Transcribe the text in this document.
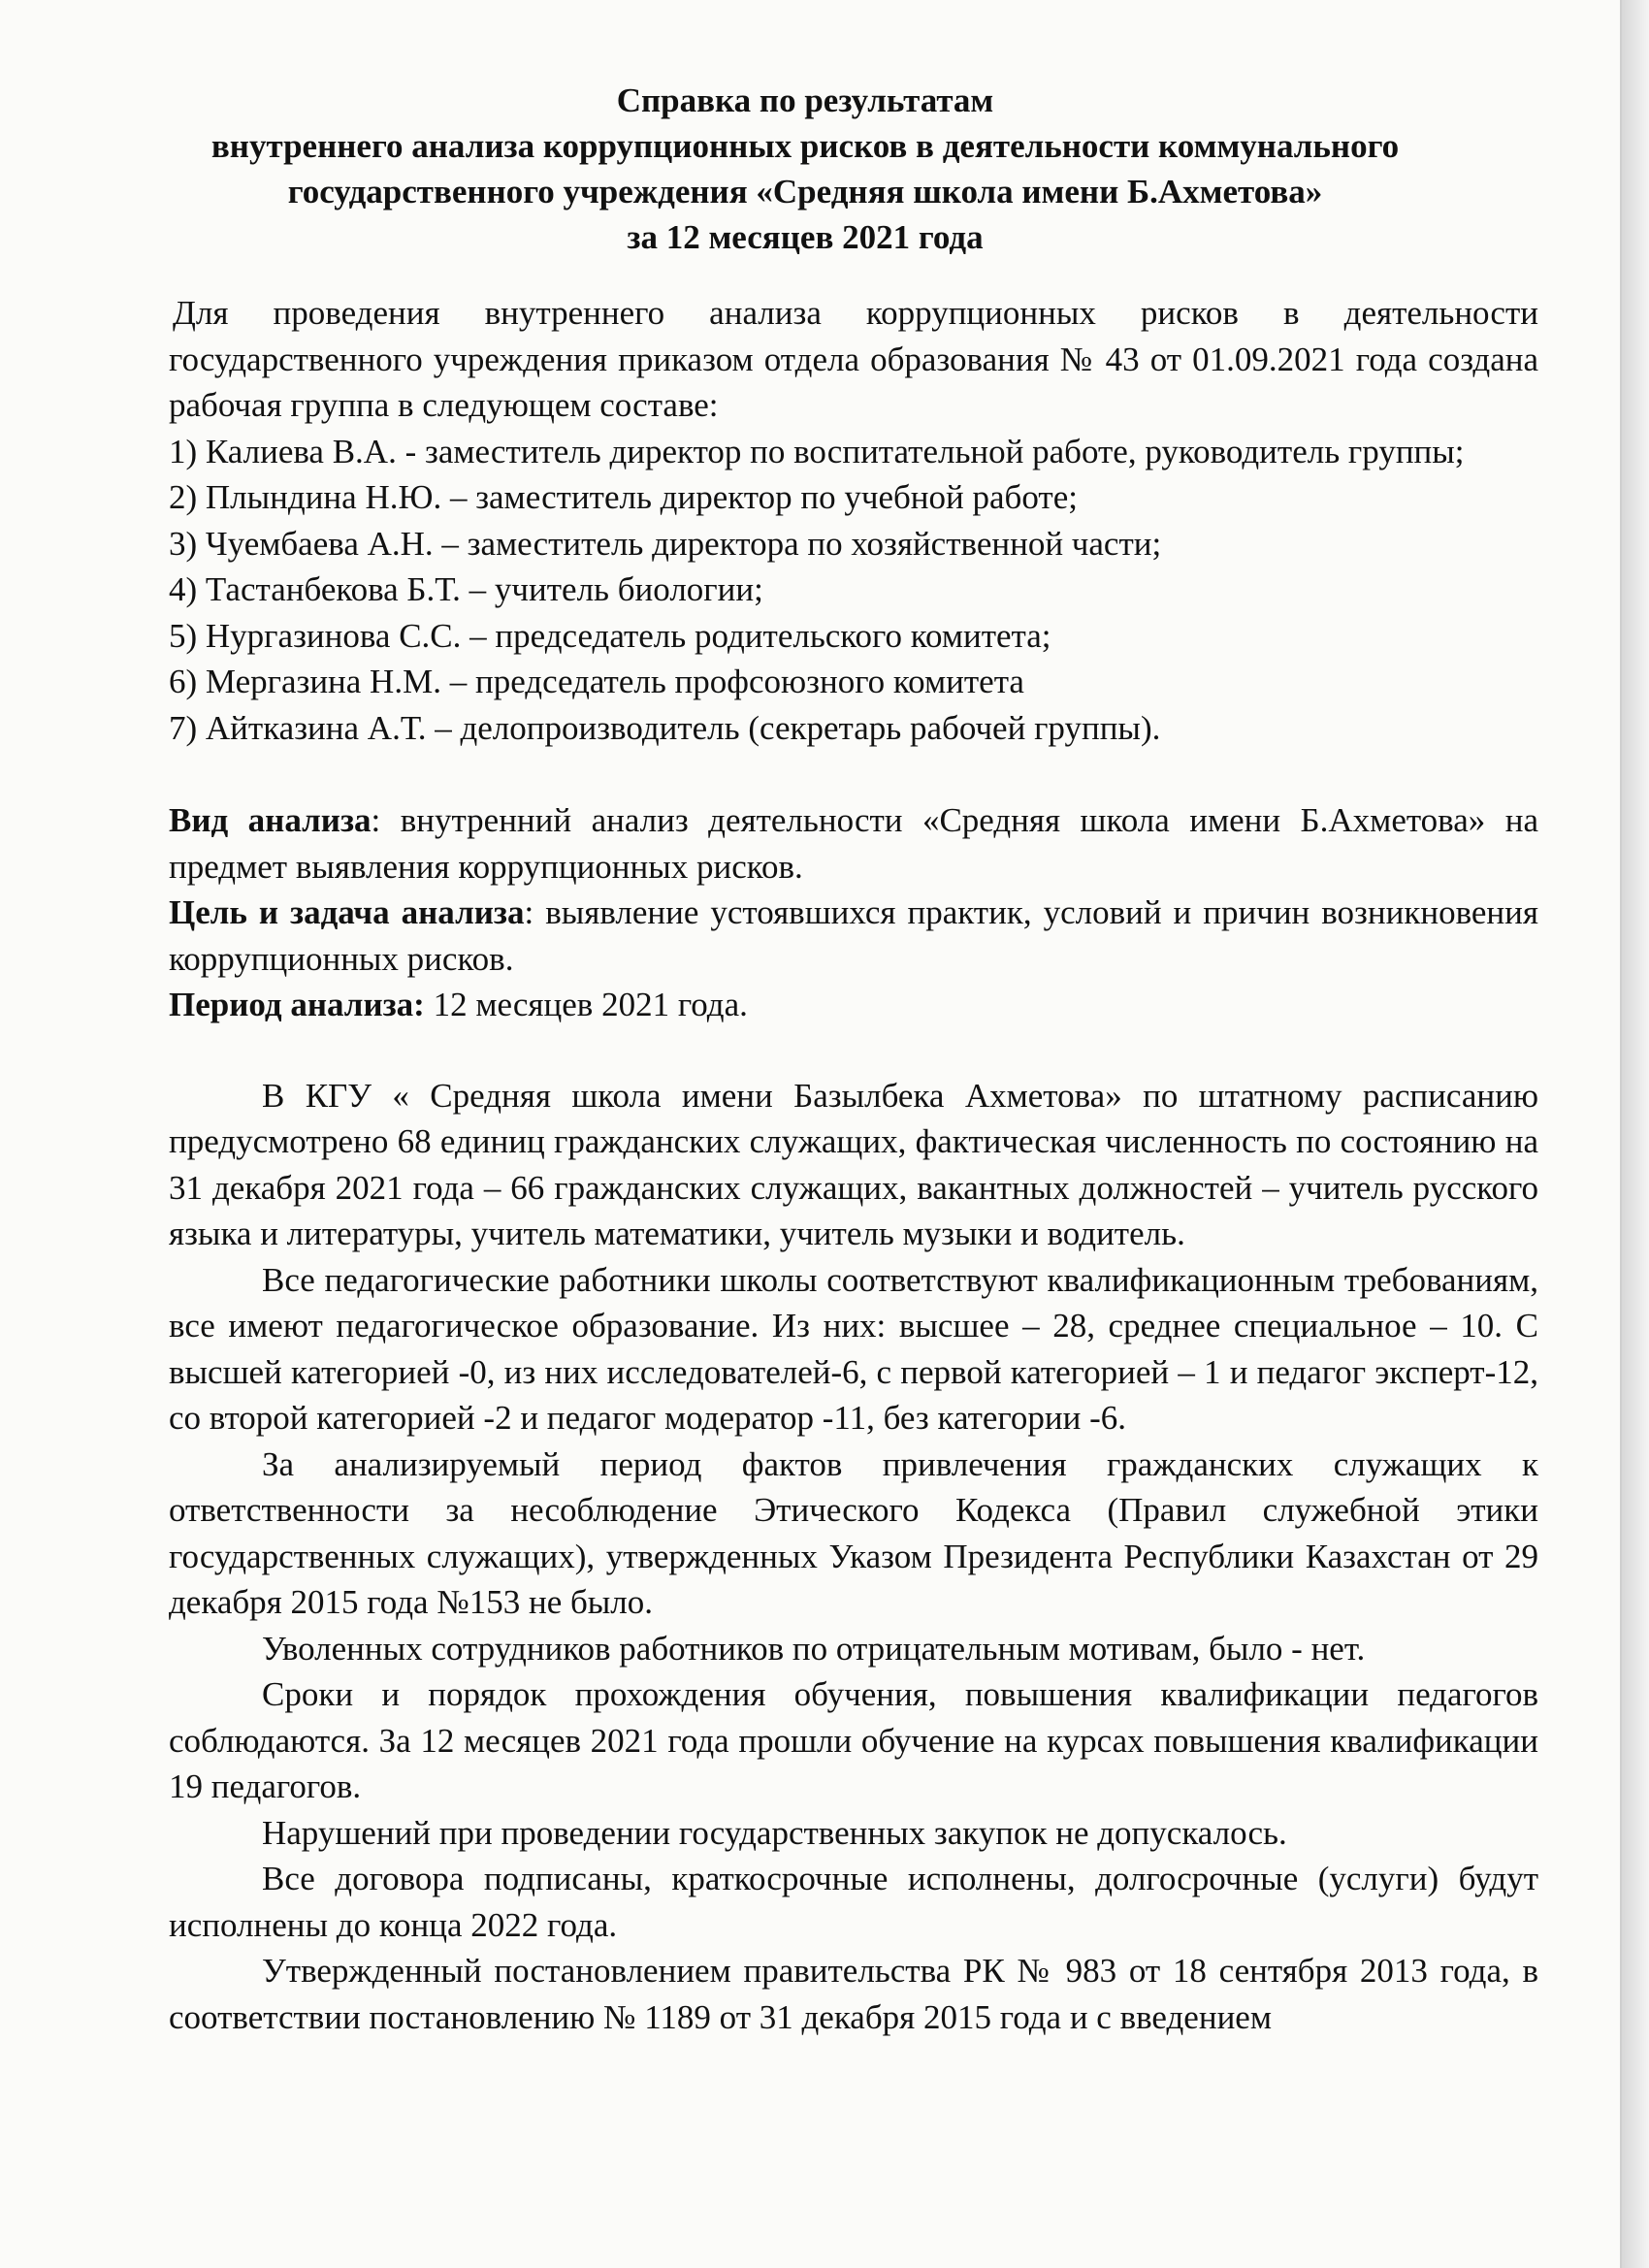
Справка по результатам
внутреннего анализа коррупционных рисков в деятельности коммунального
государственного учреждения «Средняя школа имени Б.Ахметова»
за 12 месяцев 2021 года

Для проведения внутреннего анализа коррупционных рисков в деятельности государственного учреждения приказом отдела образования № 43 от 01.09.2021 года создана рабочая группа в следующем составе:

1) Калиева В.А. - заместитель директор по воспитательной работе, руководитель группы;

2) Плындина Н.Ю. – заместитель директор по учебной работе;

3) Чуембаева А.Н. – заместитель директора по хозяйственной части;

4) Тастанбекова Б.Т. – учитель биологии;

5) Нургазинова С.С. – председатель родительского комитета;

6) Мергазина Н.М. – председатель профсоюзного комитета

7) Айтказина А.Т. – делопроизводитель (секретарь рабочей группы).

Вид анализа: внутренний анализ деятельности «Средняя школа имени Б.Ахметова» на предмет выявления коррупционных рисков.

Цель и задача анализа: выявление устоявшихся практик, условий и причин возникновения коррупционных рисков.

Период анализа: 12 месяцев 2021 года.

В КГУ « Средняя школа имени Базылбека Ахметова» по штатному расписанию предусмотрено 68 единиц гражданских служащих, фактическая численность по состоянию на 31 декабря 2021 года – 66 гражданских служащих, вакантных должностей – учитель русского языка и литературы, учитель математики, учитель музыки и водитель.

Все педагогические работники школы соответствуют квалификационным требованиям, все имеют педагогическое образование. Из них: высшее – 28, среднее специальное – 10. С высшей категорией -0, из них исследователей-6, с первой категорией – 1 и педагог эксперт-12, со второй категорией -2 и педагог модератор -11, без категории -6.

За анализируемый период фактов привлечения гражданских служащих к ответственности за несоблюдение Этического Кодекса (Правил служебной этики государственных служащих), утвержденных Указом Президента Республики Казахстан от 29 декабря 2015 года №153 не было.

Уволенных сотрудников работников по отрицательным мотивам, было - нет.

Сроки и порядок прохождения обучения, повышения квалификации педагогов соблюдаются. За 12 месяцев 2021 года прошли обучение на курсах повышения квалификации 19 педагогов.

Нарушений при проведении государственных закупок не допускалось.

Все договора подписаны, краткосрочные исполнены, долгосрочные (услуги) будут исполнены до конца 2022 года.

Утвержденный постановлением правительства РК № 983 от 18 сентября 2013 года, в соответствии постановлению № 1189 от 31 декабря 2015 года и с введением
